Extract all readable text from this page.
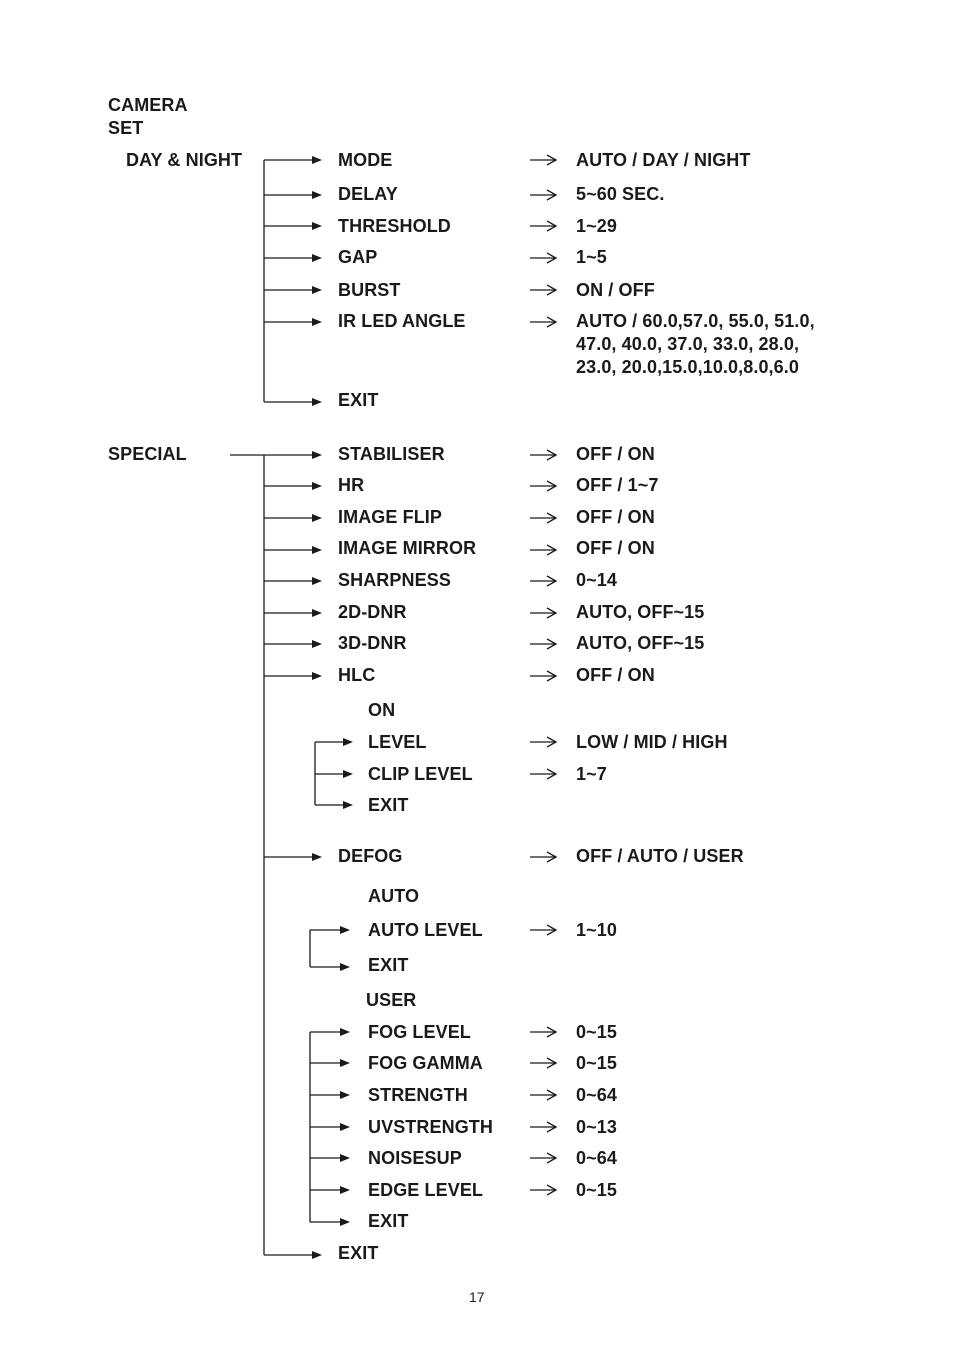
CAMERA
SET
DAY & NIGHT	MODE	AUTO / DAY / NIGHT
DELAY	5~60 SEC.
THRESHOLD	1~29
GAP	1~5
BURST	ON / OFF
IR LED ANGLE	AUTO / 60.0,57.0, 55.0, 51.0,
47.0, 40.0, 37.0, 33.0, 28.0,
23.0, 20.0,15.0,10.0,8.0,6.0
EXIT
SPECIAL	STABILISER	OFF / ON
HR	OFF / 1~7
IMAGE FLIP	OFF / ON
IMAGE MIRROR	OFF / ON
SHARPNESS	0~14
2D-DNR	AUTO, OFF~15
3D-DNR	AUTO, OFF~15
HLC	OFF / ON
ON
LEVEL	LOW / MID / HIGH
CLIP LEVEL	1~7
EXIT
DEFOG	OFF / AUTO / USER
AUTO
AUTO LEVEL	1~10
EXIT
USER
FOG LEVEL	0~15
FOG GAMMA	0~15
STRENGTH	0~64
UVSTRENGTH	0~13
NOISESUP	0~64
EDGE LEVEL	0~15
EXIT
EXIT
17
